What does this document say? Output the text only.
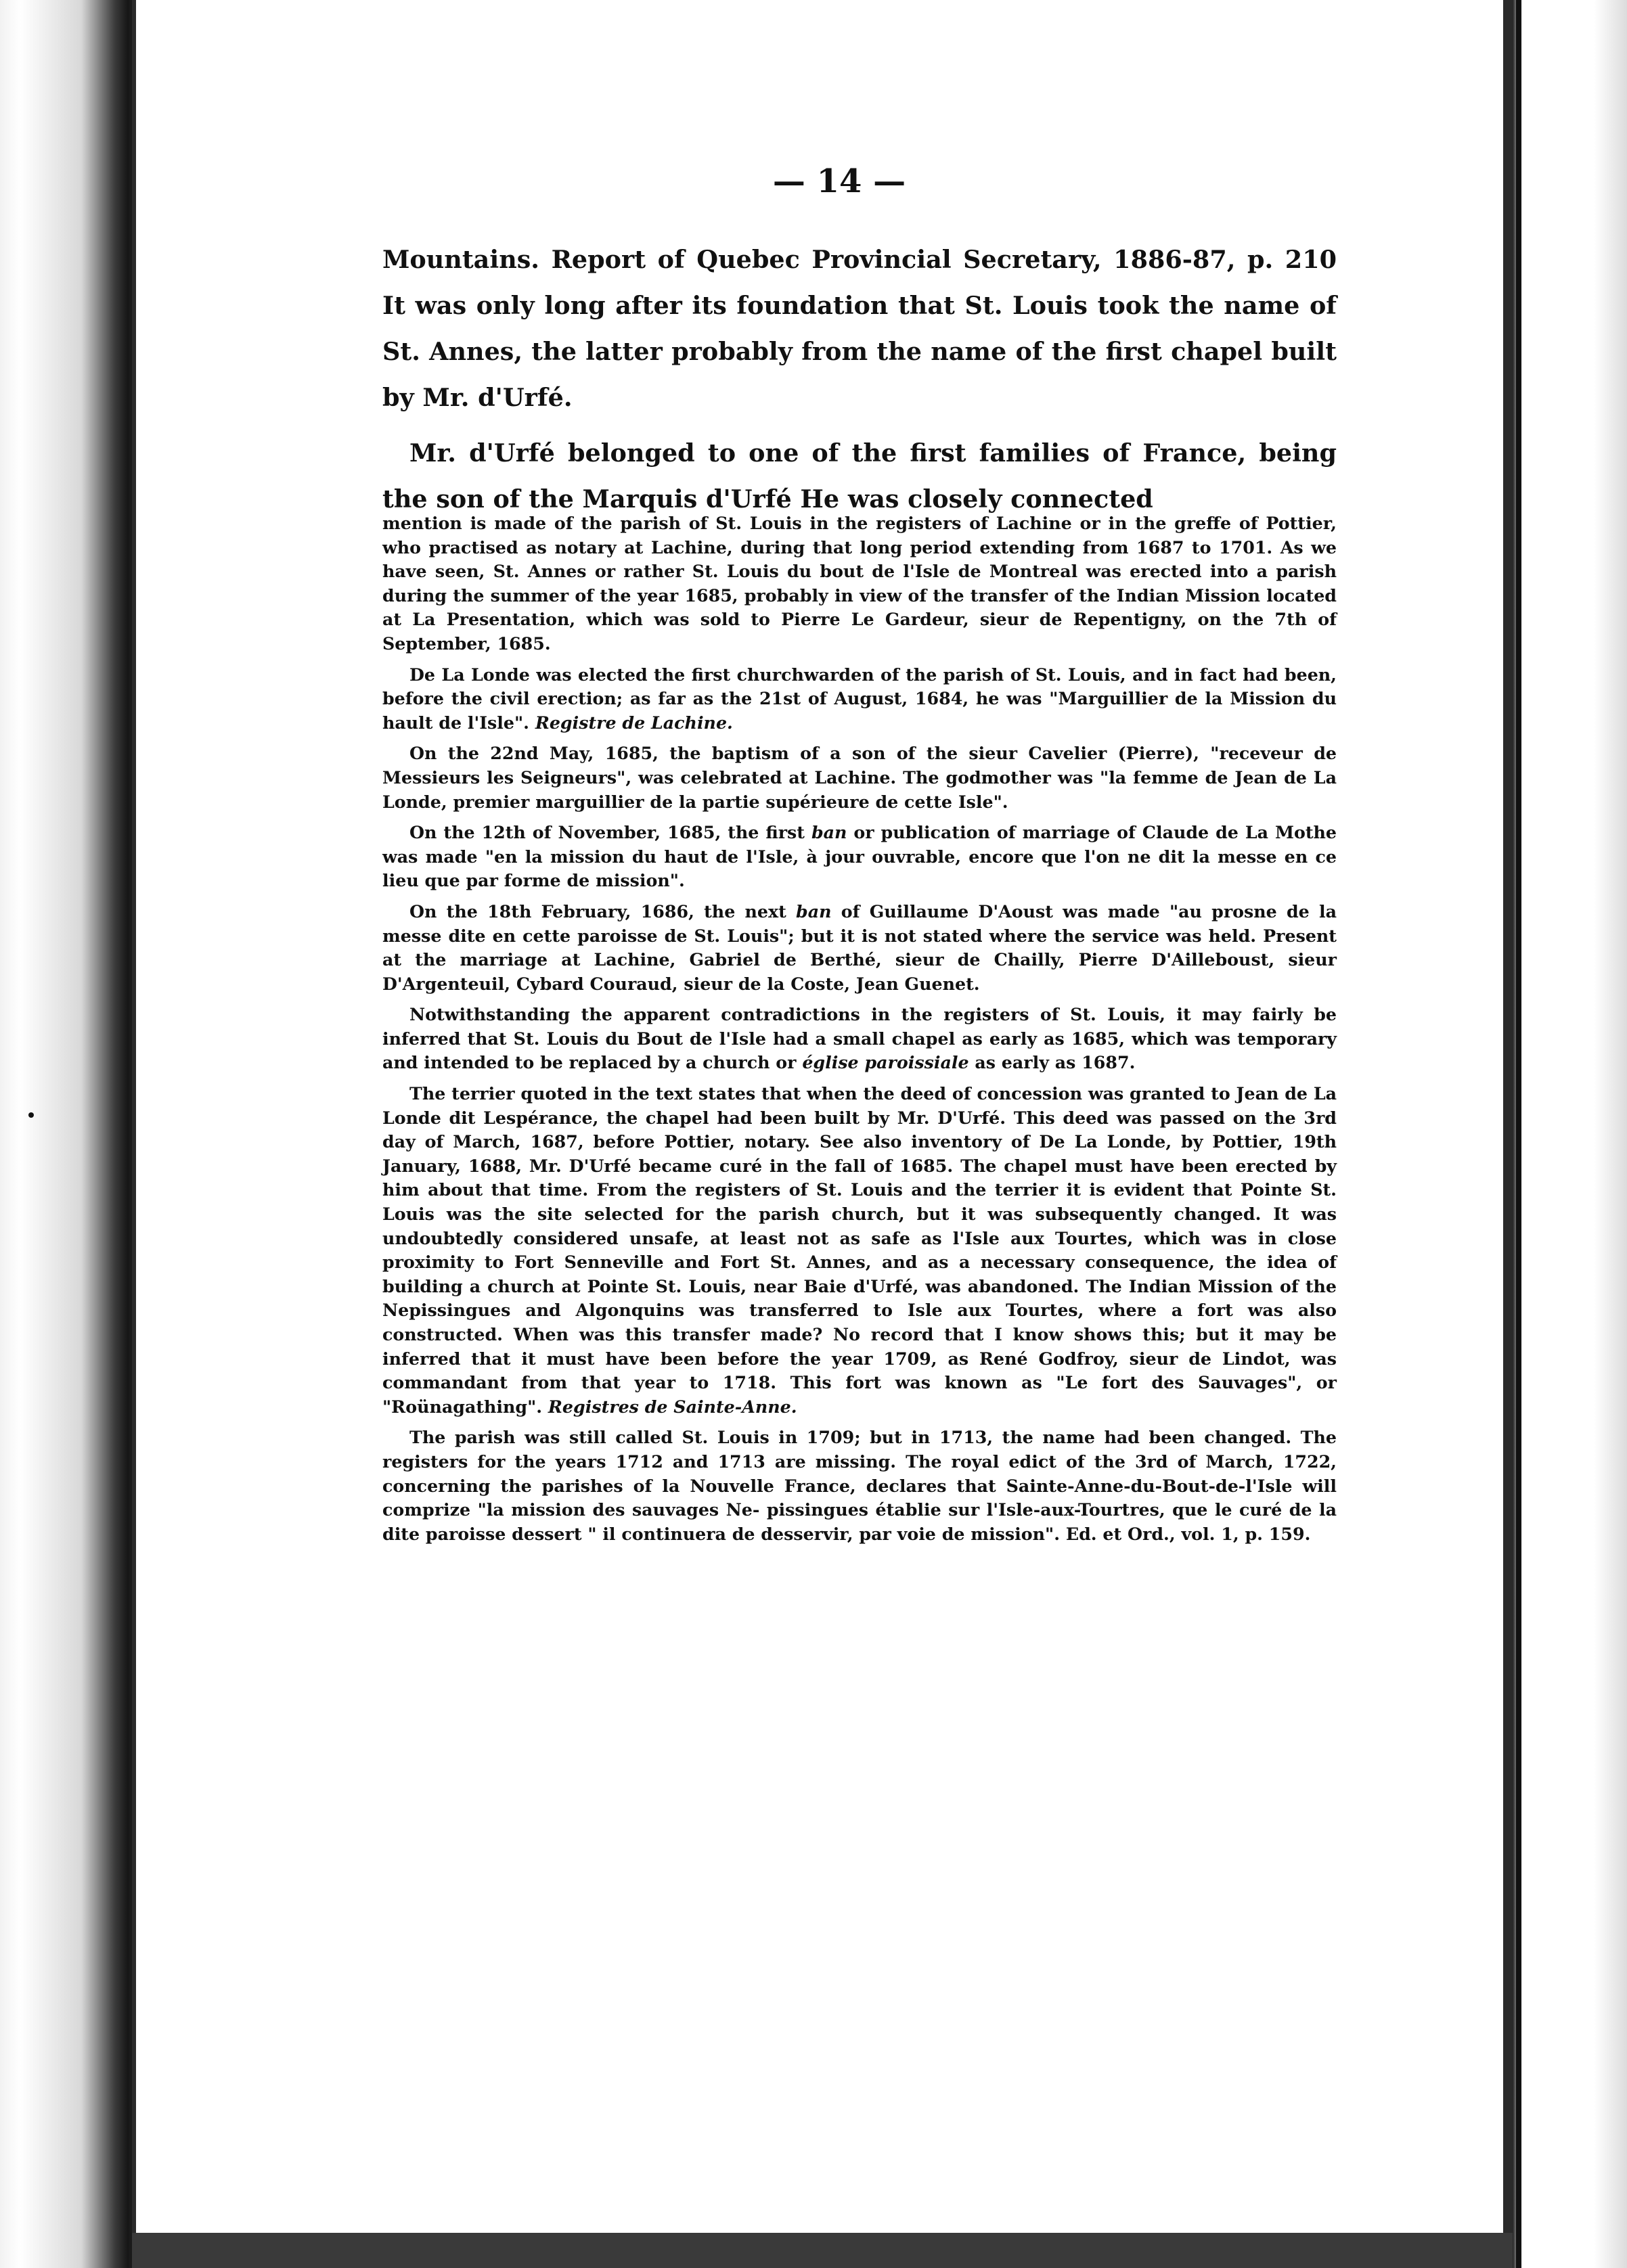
— 14 —

Mountains. Report of Quebec Provincial Secretary, 1886-87, p. 210 It was only long after its foundation that St. Louis took the name of St. Annes, the latter probably from the name of the first chapel built by Mr. d'Urfé.

Mr. d'Urfé belonged to one of the first families of France, being the son of the Marquis d'Urfé He was closely connected

mention is made of the parish of St. Louis in the registers of Lachine or in the greffe of Pottier, who practised as notary at Lachine, during that long period extending from 1687 to 1701. As we have seen, St. Annes or rather St. Louis du bout de l'Isle de Montreal was erected into a parish during the summer of the year 1685, probably in view of the transfer of the Indian Mission located at La Presentation, which was sold to Pierre Le Gardeur, sieur de Repentigny, on the 7th of September, 1685.

De La Londe was elected the first churchwarden of the parish of St. Louis, and in fact had been, before the civil erection; as far as the 21st of August, 1684, he was "Marguillier de la Mission du hault de l'Isle". Registre de Lachine.

On the 22nd May, 1685, the baptism of a son of the sieur Cavelier (Pierre), "receveur de Messieurs les Seigneurs", was celebrated at Lachine. The godmother was "la femme de Jean de La Londe, premier marguillier de la partie supérieure de cette Isle".

On the 12th of November, 1685, the first ban or publication of marriage of Claude de La Mothe was made "en la mission du haut de l'Isle, à jour ouvrable, encore que l'on ne dit la messe en ce lieu que par forme de mission".

On the 18th February, 1686, the next ban of Guillaume D'Aoust was made "au prosne de la messe dite en cette paroisse de St. Louis"; but it is not stated where the service was held. Present at the marriage at Lachine, Gabriel de Berthé, sieur de Chailly, Pierre D'Ailleboust, sieur D'Argenteuil, Cybard Couraud, sieur de la Coste, Jean Guenet.

Notwithstanding the apparent contradictions in the registers of St. Louis, it may fairly be inferred that St. Louis du Bout de l'Isle had a small chapel as early as 1685, which was temporary and intended to be replaced by a church or église paroissiale as early as 1687.

The terrier quoted in the text states that when the deed of concession was granted to Jean de La Londe dit Lespérance, the chapel had been built by Mr. D'Urfé. This deed was passed on the 3rd day of March, 1687, before Pottier, notary. See also inventory of De La Londe, by Pottier, 19th January, 1688, Mr. D'Urfé became curé in the fall of 1685. The chapel must have been erected by him about that time. From the registers of St. Louis and the terrier it is evident that Pointe St. Louis was the site selected for the parish church, but it was subsequently changed. It was undoubtedly considered unsafe, at least not as safe as l'Isle aux Tourtes, which was in close proximity to Fort Senneville and Fort St. Annes, and as a necessary consequence, the idea of building a church at Pointe St. Louis, near Baie d'Urfé, was abandoned. The Indian Mission of the Nepissingues and Algonquins was transferred to Isle aux Tourtes, where a fort was also constructed. When was this transfer made? No record that I know shows this; but it may be inferred that it must have been before the year 1709, as René Godfroy, sieur de Lindot, was commandant from that year to 1718. This fort was known as "Le fort des Sauvages", or "Roünagathing". Registres de Sainte-Anne.

The parish was still called St. Louis in 1709; but in 1713, the name had been changed. The registers for the years 1712 and 1713 are missing. The royal edict of the 3rd of March, 1722, concerning the parishes of la Nouvelle France, declares that Sainte-Anne-du-Bout-de-l'Isle will comprize "la mission des sauvages Ne- pissingues établie sur l'Isle-aux-Tourtres, que le curé de la dite paroisse dessert " il continuera de desservir, par voie de mission". Ed. et Ord., vol. 1, p. 159.
